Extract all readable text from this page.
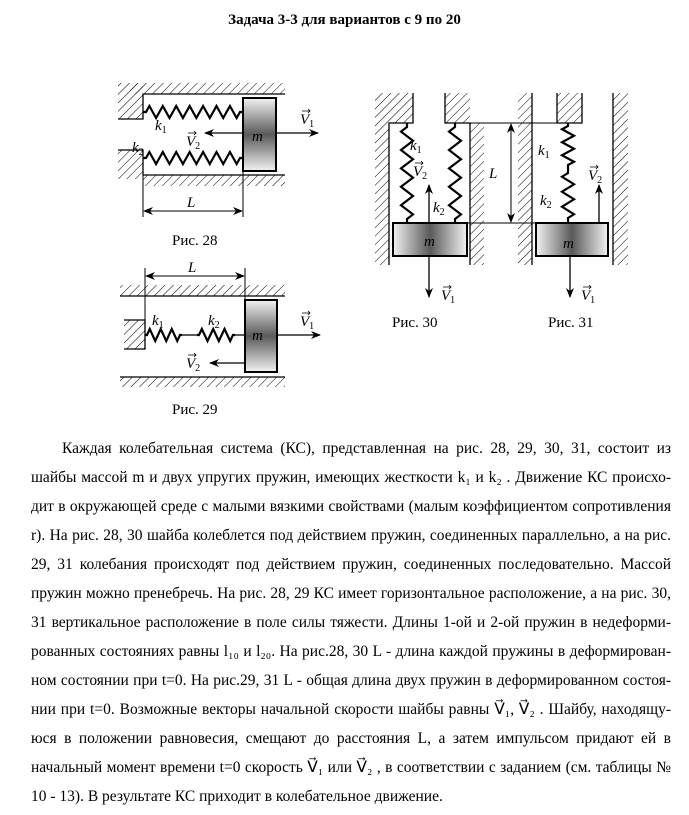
Задача 3-3 для вариантов с 9 по 20
$k_1$
$k_2$
$V_2$
$V_1$
m
L
L
$k_1$	$k_2$
m
$V_1$
$V_2$
$k_1$
$V_2$
$k_2$
m
$V_1$
L
$k_1$
$V_2$
$k_2$
m
$V_1$
Рис. 28
Рис. 29
Рис. 30	Рис. 31
Каждая колебательная система (КС), представленная на рис. 28, 29, 30, 31, состоит из
шайбы массой m и двух упругих пружин, имеющих жесткости k₁ и k₂ . Движение КС происхо-
дит в окружающей среде с малыми вязкими свойствами (малым коэффициентом сопротивления
r). На рис. 28, 30 шайба колеблется под действием пружин, соединенных параллельно, а на рис.
29, 31 колебания происходят под действием пружин, соединенных последовательно. Массой
пружин можно пренебречь. На рис. 28, 29 КС имеет горизонтальное расположение, а на рис. 30,
31 вертикальное расположение в поле силы тяжести. Длины 1-ой и 2-ой пружин в недеформи-
рованных состояниях равны l₁₀ и l₂₀. На рис.28, 30 L - длина каждой пружины в деформирован-
ном состоянии при t=0. На рис.29, 31 L - общая длина двух пружин в деформированном состоя-
нии при t=0. Возможные векторы начальной скорости шайбы равны V⃗₁, V⃗₂ . Шайбу, находящу-
юся в положении равновесия, смещают до расстояния L, а затем импульсом придают ей в
начальный момент времени t=0 скорость V⃗₁ или V⃗₂ , в соответствии с заданием (см. таблицы №
10 - 13). В результате КС приходит в колебательное движение.
